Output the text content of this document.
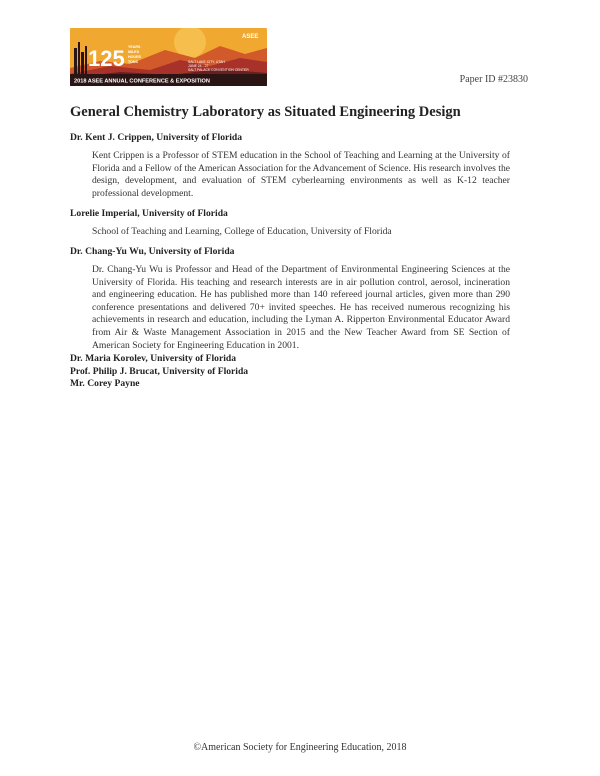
125 YEARS
MILES
HOURS
TONS	SALT LAKE CITY, UTAH
JUNE 24 - 27
SALT PALACE CONVENTION CENTER
ASEE
2018 ASEE ANNUAL CONFERENCE & EXPOSITION	Paper ID #23830
General Chemistry Laboratory as Situated Engineering Design
Dr. Kent J. Crippen, University of Florida

Kent Crippen is a Professor of STEM education in the School of Teaching and Learning at the University of Florida and a Fellow of the American Association for the Advancement of Science. His research involves the design, development, and evaluation of STEM cyberlearning environments as well as K-12 teacher professional development.

Lorelie Imperial, University of Florida

School of Teaching and Learning, College of Education, University of Florida

Dr. Chang-Yu Wu, University of Florida

Dr. Chang-Yu Wu is Professor and Head of the Department of Environmental Engineering Sciences at the University of Florida. His teaching and research interests are in air pollution control, aerosol, incineration and engineering education. He has published more than 140 refereed journal articles, given more than 290 conference presentations and delivered 70+ invited speeches. He has received numerous recognizing his achievements in research and education, including the Lyman A. Ripperton Environmental Educator Award from Air & Waste Management Association in 2015 and the New Teacher Award from SE Section of American Society for Engineering Education in 2001.

Dr. Maria Korolev, University of Florida
Prof. Philip J. Brucat, University of Florida
Mr. Corey Payne
©American Society for Engineering Education, 2018
